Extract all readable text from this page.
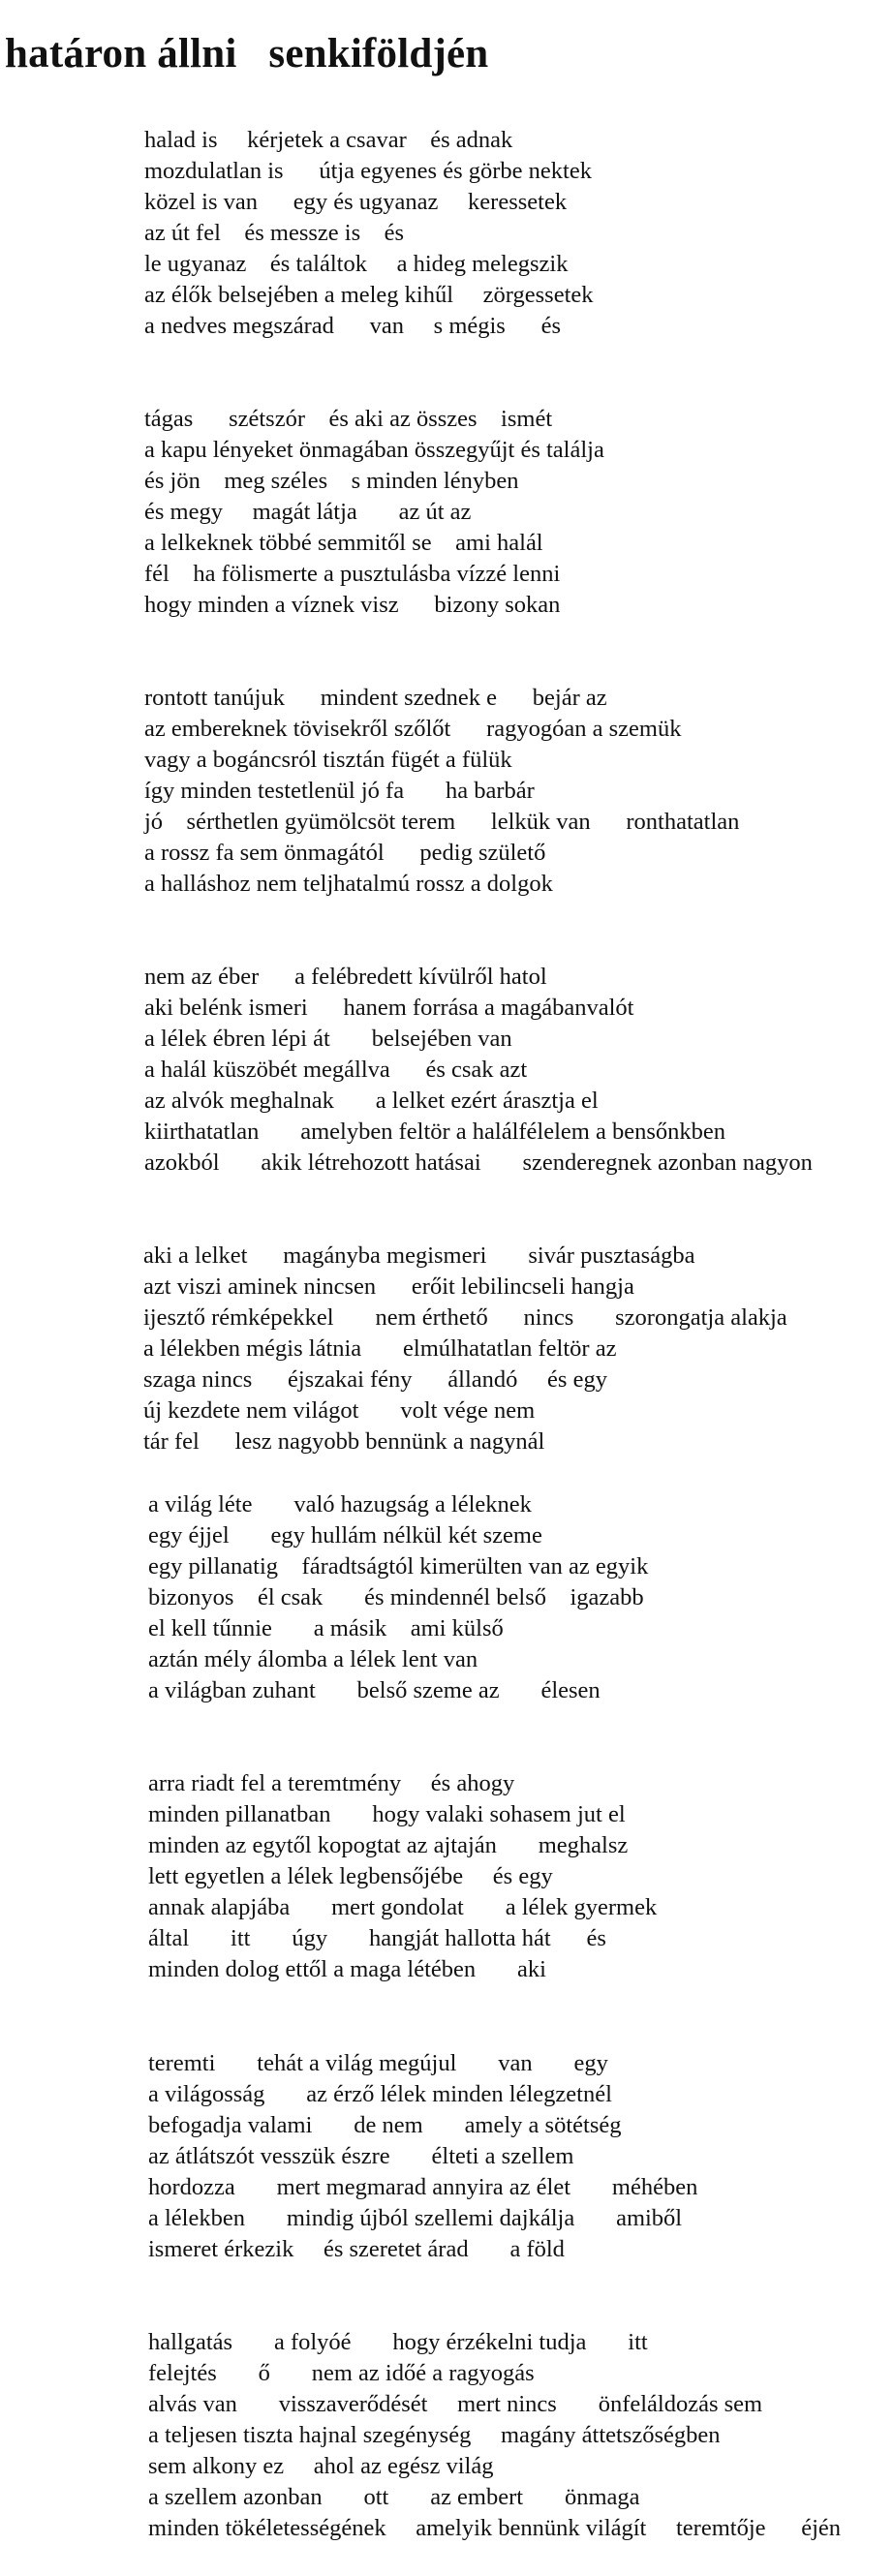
határon állni   senkiföldjén
halad is     kérjetek a csavar    és adnak
mozdulatlan is      útja egyenes és görbe nektek
közel is van      egy és ugyanaz     keressetek
az út fel    és messze is    és
le ugyanaz    és találtok     a hideg melegszik
az élők belsejében a meleg kihűl     zörgessetek
a nedves megszárad      van     s mégis      és
tágas      szétszór    és aki az összes    ismét
a kapu lényeket önmagában összegyűjt és találja
és jön    meg széles    s minden lényben
és megy     magát látja       az út az
a lelkeknek többé semmitől se    ami halál
fél    ha fölismerte a pusztulásba vízzé lenni
hogy minden a víznek visz      bizony sokan
rontott tanújuk      mindent szednek e      bejár az
az embereknek tövisekről szőlőt      ragyogóan a szemük
vagy a bogáncsról tisztán fügét a fülük
így minden testetlenül jó fa       ha barbár
jó    sérthetlen gyümölcsöt terem      lelkük van      ronthatatlan
a rossz fa sem önmagától      pedig születő
a halláshoz nem teljhatalmú rossz a dolgok
nem az éber      a felébredett kívülről hatol
aki belénk ismeri      hanem forrása a magábanvalót
a lélek ébren lépi át       belsejében van
a halál küszöbét megállva      és csak azt
az alvók meghalnak       a lelket ezért árasztja el
kiirthatatlan       amelyben feltör a halálfélelem a bensőnkben
azokból       akik létrehozott hatásai       szenderegnek azonban nagyon
aki a lelket      magányba megismeri       sivár pusztaságba
azt viszi aminek nincsen      erőit lebilincseli hangja
ijesztő rémképekkel       nem érthető      nincs       szorongatja alakja
a lélekben mégis látnia       elmúlhatatlan feltör az
szaga nincs      éjszakai fény      állandó     és egy
új kezdete nem világot       volt vége nem
tár fel      lesz nagyobb bennünk a nagynál
a világ léte       való hazugság a léleknek
egy éjjel       egy hullám nélkül két szeme
egy pillanatig    fáradtságtól kimerülten van az egyik
bizonyos    él csak       és mindennél belső    igazabb
el kell tűnnie       a másik    ami külső
aztán mély álomba a lélek lent van
a világban zuhant       belső szeme az       élesen
arra riadt fel a teremtmény     és ahogy
minden pillanatban       hogy valaki sohasem jut el
minden az egytől kopogtat az ajtaján       meghalsz
lett egyetlen a lélek legbensőjébe     és egy
annak alapjába       mert gondolat       a lélek gyermek
által       itt       úgy       hangját hallotta hát      és
minden dolog ettől a maga létében       aki
teremti       tehát a világ megújul       van       egy
a világosság       az érző lélek minden lélegzetnél
befogadja valami       de nem       amely a sötétség
az átlátszót vesszük észre       élteti a szellem
hordozza       mert megmarad annyira az élet       méhében
a lélekben       mindig újból szellemi dajkálja       amiből
ismeret érkezik     és szeretet árad       a föld
hallgatás       a folyóé       hogy érzékelni tudja       itt
felejtés       ő       nem az időé a ragyogás
alvás van       visszaverődését     mert nincs       önfeláldozás sem
a teljesen tiszta hajnal szegénység     magány áttetszőségben
sem alkony ez     ahol az egész világ
a szellem azonban       ott       az embert       önmaga
minden tökéletességének     amelyik bennünk világít     teremtője      éjén
